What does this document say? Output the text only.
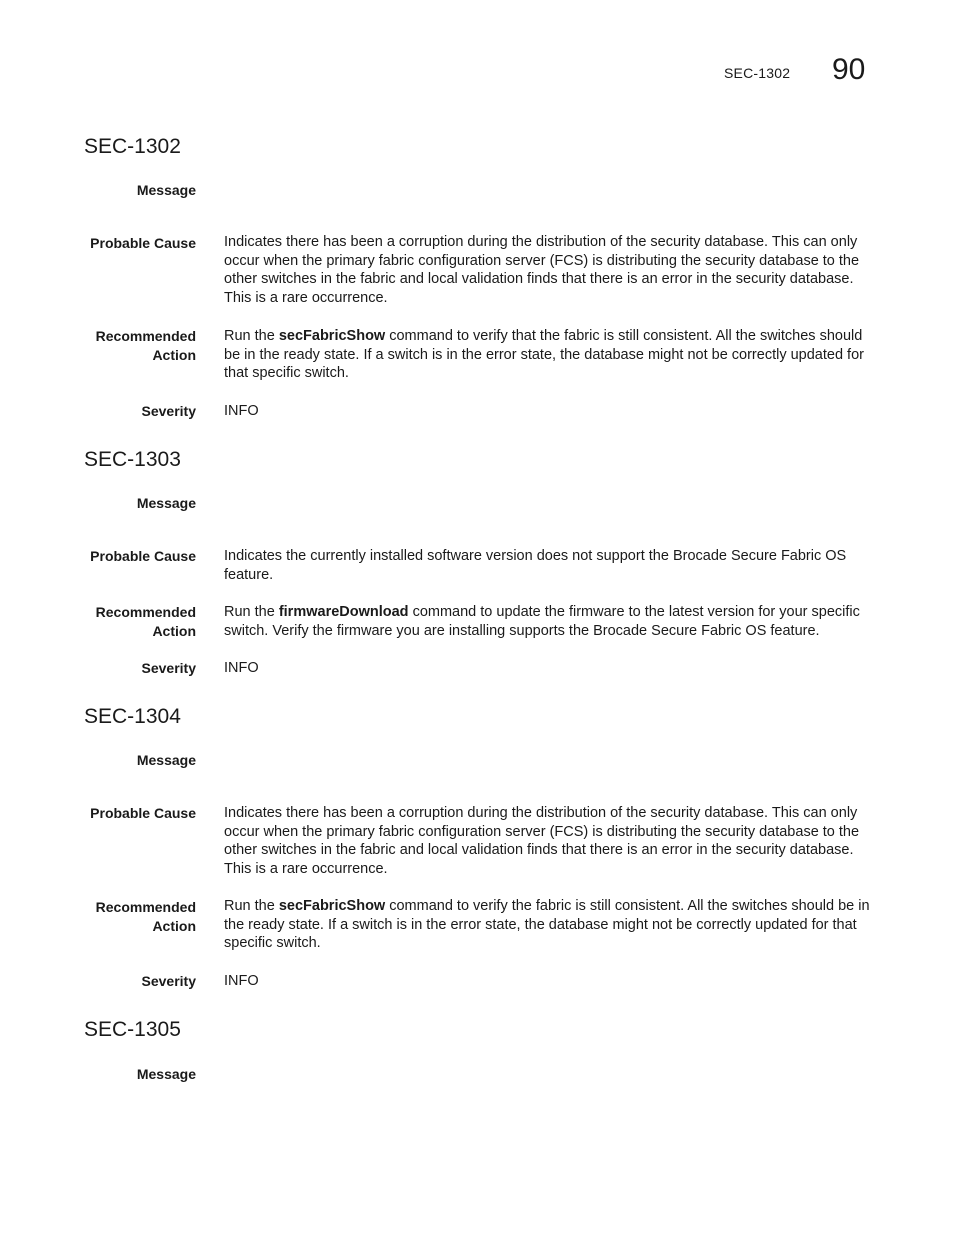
SEC-1302 90
SEC-1302
Message
Probable Cause Indicates there has been a corruption during the distribution of the security database. This can only occur when the primary fabric configuration server (FCS) is distributing the security database to the other switches in the fabric and local validation finds that there is an error in the security database. This is a rare occurrence.
Recommended
Action
Run the secFabricShow command to verify that the fabric is still consistent. All the switches should be in the ready state. If a switch is in the error state, the database might not be correctly updated for that specific switch.
Severity INFO
SEC-1303
Message
Probable Cause Indicates the currently installed software version does not support the Brocade Secure Fabric OS feature.
Recommended
Action
Run the firmwareDownload command to update the firmware to the latest version for your specific switch. Verify the firmware you are installing supports the Brocade Secure Fabric OS feature.
Severity INFO
SEC-1304
Message
Probable Cause Indicates there has been a corruption during the distribution of the security database. This can only occur when the primary fabric configuration server (FCS) is distributing the security database to the other switches in the fabric and local validation finds that there is an error in the security database. This is a rare occurrence.
Recommended
Action
Run the secFabricShow command to verify the fabric is still consistent. All the switches should be in the ready state. If a switch is in the error state, the database might not be correctly updated for that specific switch.
Severity INFO
SEC-1305
Message
